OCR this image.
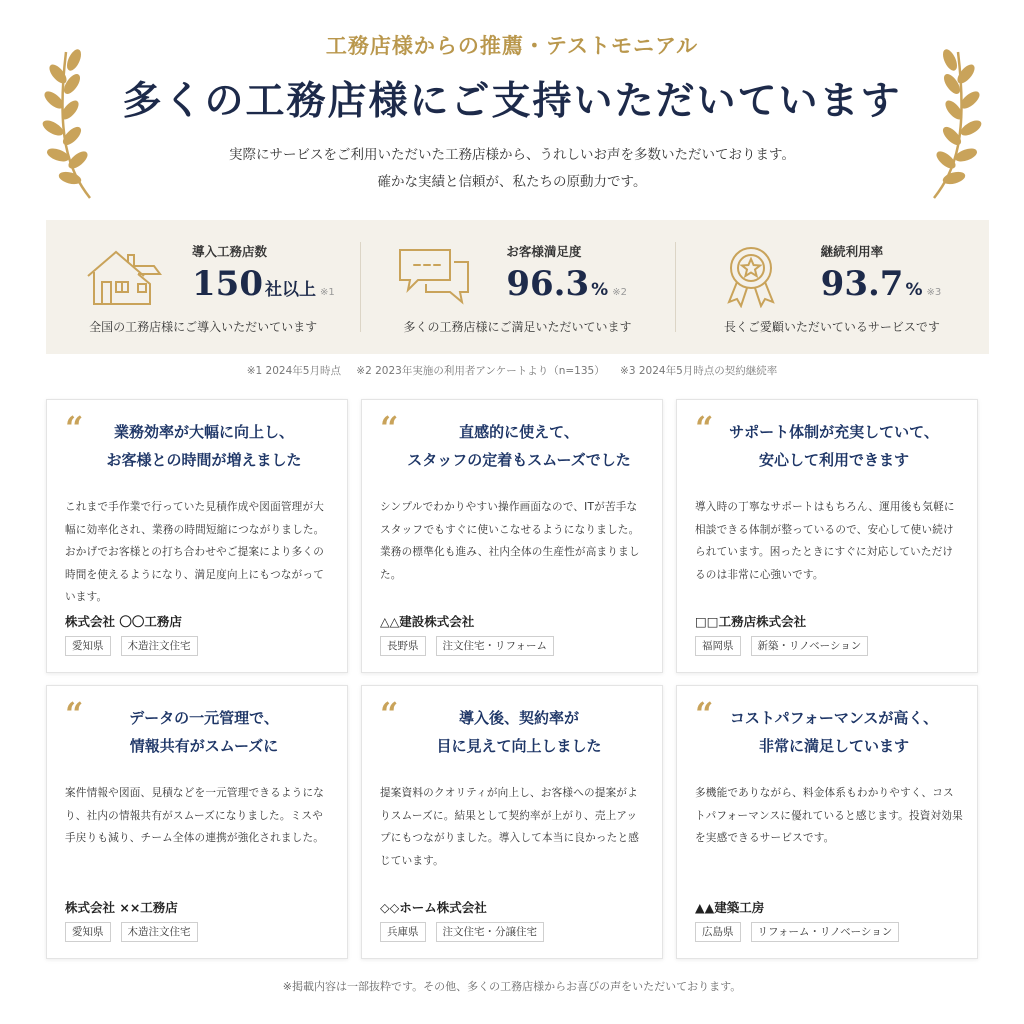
工務店様からの推薦・テストモニアル
多くの工務店様にご支持いただいています
実際にサービスをご利用いただいた工務店様から、うれしいお声を多数いただいております。
確かな実績と信頼が、私たちの原動力です。
導入工務店数
150 社以上 ※1
全国の工務店様にご導入いただいています
お客様満足度
96.3 % ※2
多くの工務店様にご満足いただいています
継続利用率
93.7 % ※3
長くご愛顧いただいているサービスです
※1 2024年5月時点 ※2 2023年実施の利用者アンケートより（n=135） ※3 2024年5月時点の契約継続率
“	業務効率が大幅に向上し、
お客様との時間が増えました
これまで手作業で行っていた見積作成や図面管理が大幅に効率化され、業務の時間短縮につながりました。おかげでお客様との打ち合わせやご提案により多くの時間を使えるようになり、満足度向上にもつながっています。
株式会社 〇〇工務店
愛知県	木造注文住宅
“	直感的に使えて、
スタッフの定着もスムーズでした
シンプルでわかりやすい操作画面なので、ITが苦手なスタッフでもすぐに使いこなせるようになりました。業務の標準化も進み、社内全体の生産性が高まりました。
△△建設株式会社
長野県	注文住宅・リフォーム
“	サポート体制が充実していて、
安心して利用できます
導入時の丁寧なサポートはもちろん、運用後も気軽に相談できる体制が整っているので、安心して使い続けられています。困ったときにすぐに対応していただけるのは非常に心強いです。
□□工務店株式会社
福岡県	新築・リノベーション
“	データの一元管理で、
情報共有がスムーズに
案件情報や図面、見積などを一元管理できるようになり、社内の情報共有がスムーズになりました。ミスや手戻りも減り、チーム全体の連携が強化されました。
株式会社 ××工務店
愛知県	木造注文住宅
“	導入後、契約率が
目に見えて向上しました
提案資料のクオリティが向上し、お客様への提案がよりスムーズに。結果として契約率が上がり、売上アップにもつながりました。導入して本当に良かったと感じています。
◇◇ホーム株式会社
兵庫県	注文住宅・分譲住宅
“	コストパフォーマンスが高く、
非常に満足しています
多機能でありながら、料金体系もわかりやすく、コストパフォーマンスに優れていると感じます。投資対効果を実感できるサービスです。
▲▲建築工房
広島県	リフォーム・リノベーション
※掲載内容は一部抜粋です。その他、多くの工務店様からお喜びの声をいただいております。
